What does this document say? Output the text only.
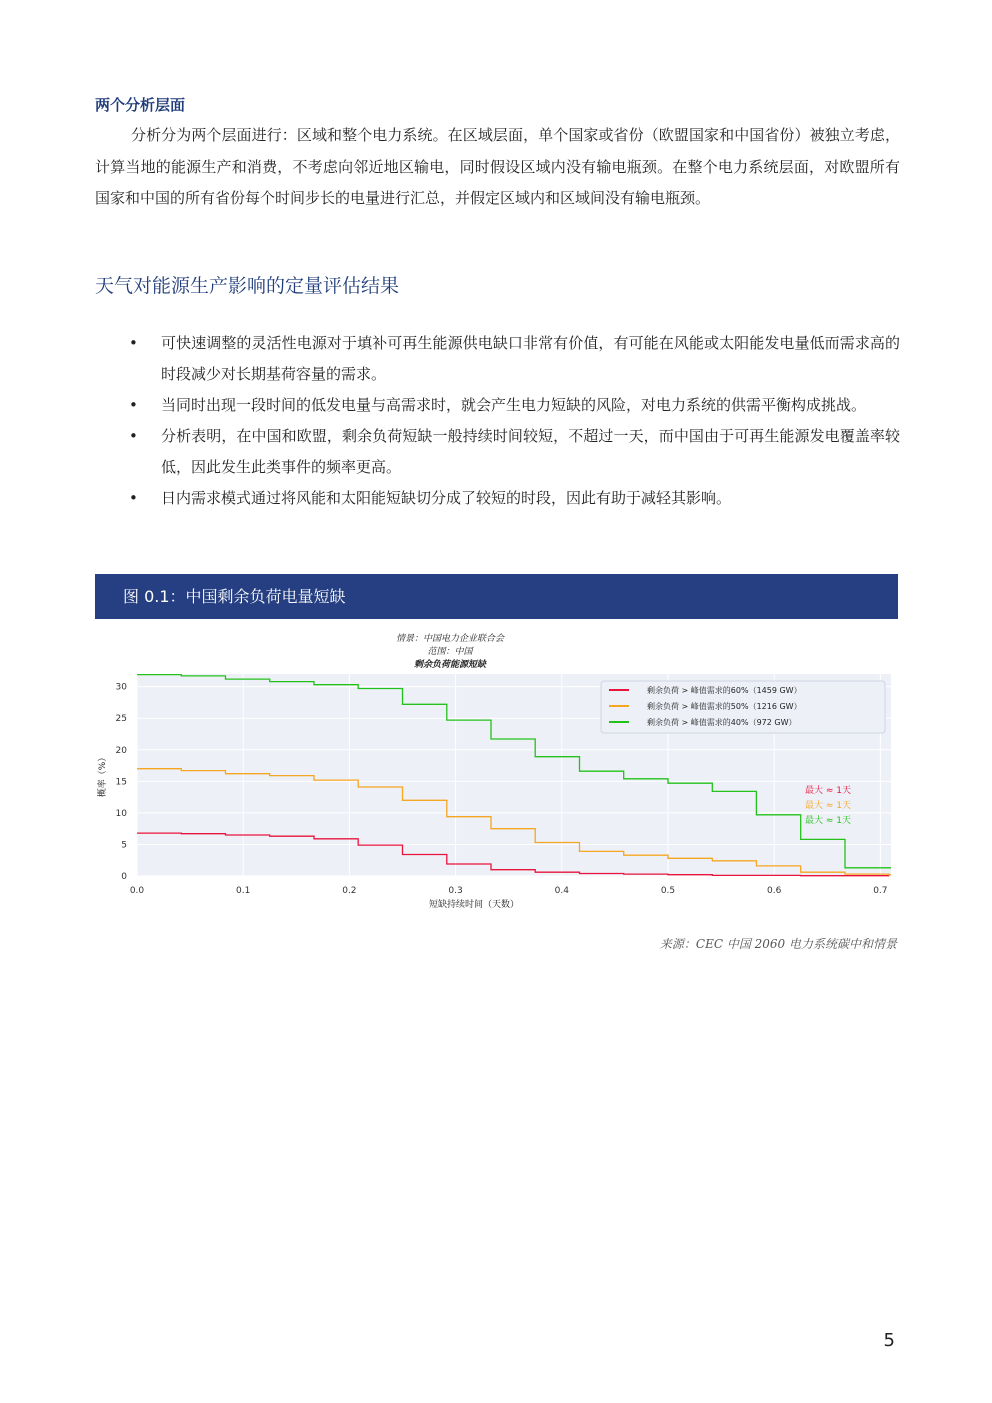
两个分析层面
分析分为两个层面进行：区域和整个电力系统。在区域层面，单个国家或省份（欧盟国家和中国省份）被独立考虑，计算当地的能源生产和消费，不考虑向邻近地区输电，同时假设区域内没有输电瓶颈。在整个电力系统层面，对欧盟所有国家和中国的所有省份每个时间步长的电量进行汇总，并假定区域内和区域间没有输电瓶颈。
天气对能源生产影响的定量评估结果
• 可快速调整的灵活性电源对于填补可再生能源供电缺口非常有价值，有可能在风能或太阳能发电量低而需求高的时段减少对长期基荷容量的需求。
• 当同时出现一段时间的低发电量与高需求时，就会产生电力短缺的风险，对电力系统的供需平衡构成挑战。
• 分析表明，在中国和欧盟，剩余负荷短缺一般持续时间较短，不超过一天，而中国由于可再生能源发电覆盖率较低，因此发生此类事件的频率更高。
• 日内需求模式通过将风能和太阳能短缺切分成了较短的时段，因此有助于减轻其影响。
图 0.1：中国剩余负荷电量短缺
0.0	0.1	0.2	0.3	0.4	0.5	0.6	0.7
0
5
10
15
20
25
30
短缺持续时间（天数）
概率（%）
情景：中国电力企业联合会
范围：中国
剩余负荷能源短缺
剩余负荷 > 峰值需求的60%（1459 GW）
剩余负荷 > 峰值需求的50%（1216 GW）
剩余负荷 > 峰值需求的40%（972 GW）
最大 ≈ 1天
最大 ≈ 1天
最大 ≈ 1天
来源：CEC 中国 2060 电力系统碳中和情景
5
